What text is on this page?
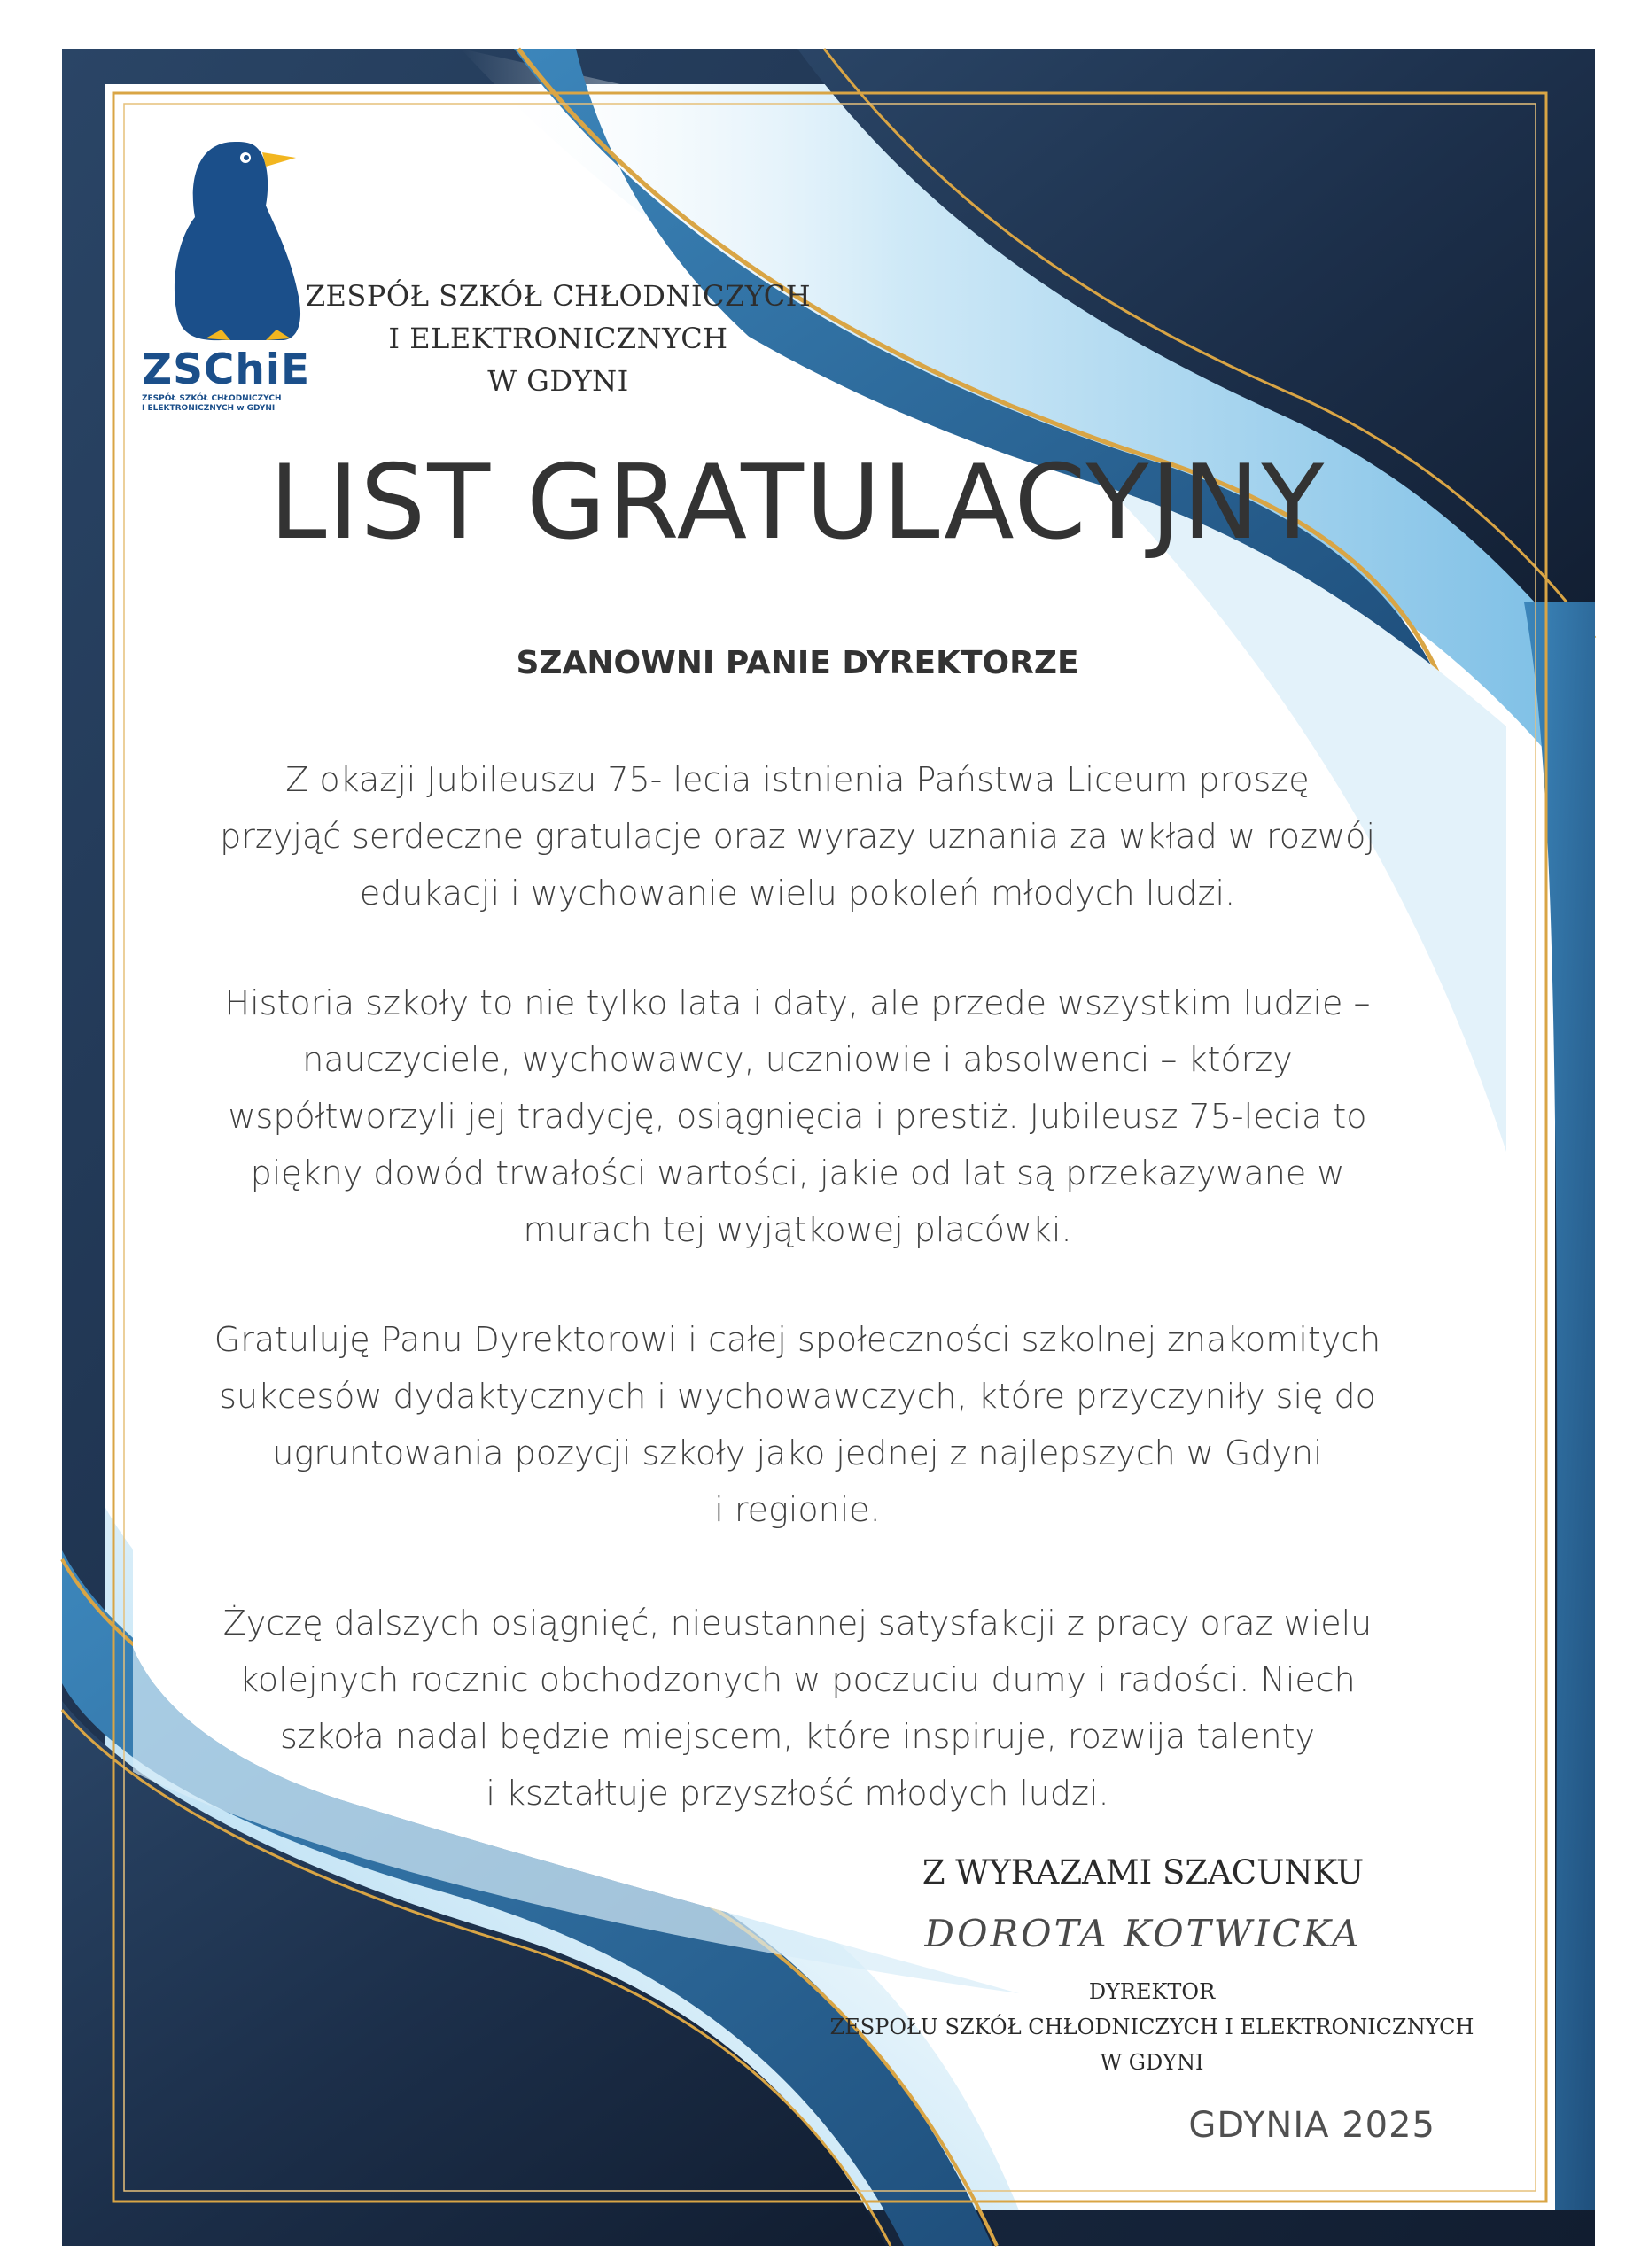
ZSChiE
ZESPÓŁ SZKÓŁ CHŁODNICZYCH
I ELEKTRONICZNYCH w GDYNI
ZESPÓŁ SZKÓŁ CHŁODNICZYCH
I ELEKTRONICZNYCH
W GDYNI
LIST GRATULACYJNY
SZANOWNI PANIE DYREKTORZE
Z okazji Jubileuszu 75- lecia istnienia Państwa Liceum proszę
przyjąć serdeczne gratulacje oraz wyrazy uznania za wkład w rozwój
edukacji i wychowanie wielu pokoleń młodych ludzi.
Historia szkoły to nie tylko lata i daty, ale przede wszystkim ludzie –
nauczyciele, wychowawcy, uczniowie i absolwenci – którzy
współtworzyli jej tradycję, osiągnięcia i prestiż. Jubileusz 75-lecia to
piękny dowód trwałości wartości, jakie od lat są przekazywane w
murach tej wyjątkowej placówki.
Gratuluję Panu Dyrektorowi i całej społeczności szkolnej znakomitych
sukcesów dydaktycznych i wychowawczych, które przyczyniły się do
ugruntowania pozycji szkoły jako jednej z najlepszych w Gdyni
i regionie.
Życzę dalszych osiągnięć, nieustannej satysfakcji z pracy oraz wielu
kolejnych rocznic obchodzonych w poczuciu dumy i radości. Niech
szkoła nadal będzie miejscem, które inspiruje, rozwija talenty
i kształtuje przyszłość młodych ludzi.
Z WYRAZAMI SZACUNKU
DOROTA KOTWICKA
DYREKTOR
ZESPOŁU SZKÓŁ CHŁODNICZYCH I ELEKTRONICZNYCH
W GDYNI
GDYNIA 2025
